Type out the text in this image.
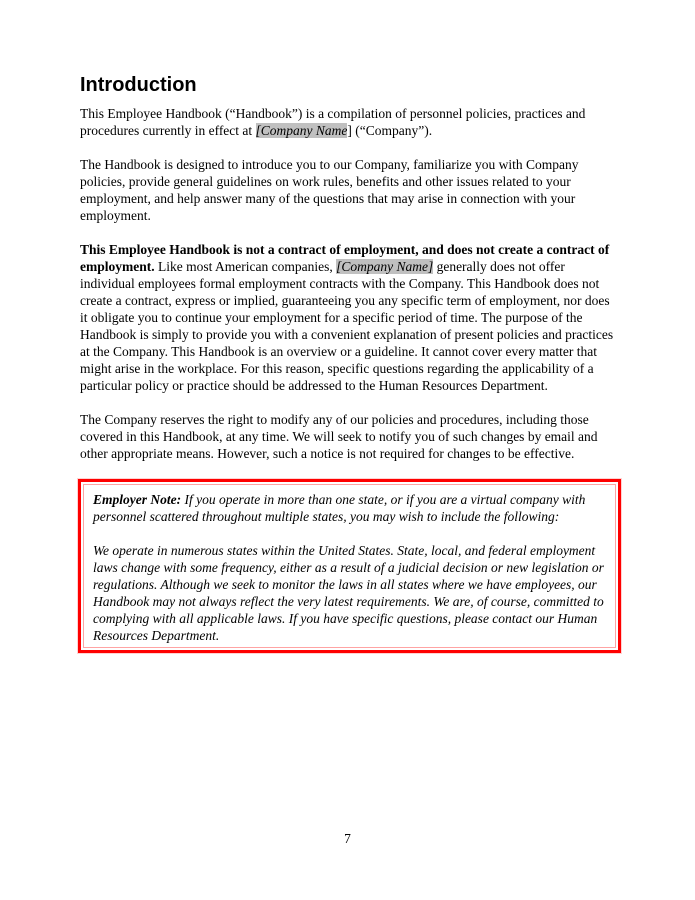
Introduction

This Employee Handbook (“Handbook”) is a compilation of personnel policies, practices and procedures currently in effect at [Company Name] (“Company”).

The Handbook is designed to introduce you to our Company, familiarize you with Company policies, provide general guidelines on work rules, benefits and other issues related to your employment, and help answer many of the questions that may arise in connection with your employment.

This Employee Handbook is not a contract of employment, and does not create a contract of employment. Like most American companies, [Company Name] generally does not offer individual employees formal employment contracts with the Company. This Handbook does not create a contract, express or implied, guaranteeing you any specific term of employment, nor does it obligate you to continue your employment for a specific period of time. The purpose of the Handbook is simply to provide you with a convenient explanation of present policies and practices at the Company. This Handbook is an overview or a guideline. It cannot cover every matter that might arise in the workplace. For this reason, specific questions regarding the applicability of a particular policy or practice should be addressed to the Human Resources Department.

The Company reserves the right to modify any of our policies and procedures, including those covered in this Handbook, at any time. We will seek to notify you of such changes by email and other appropriate means. However, such a notice is not required for changes to be effective.

Employer Note: If you operate in more than one state, or if you are a virtual company with personnel scattered throughout multiple states, you may wish to include the following:

We operate in numerous states within the United States. State, local, and federal employment laws change with some frequency, either as a result of a judicial decision or new legislation or regulations. Although we seek to monitor the laws in all states where we have employees, our Handbook may not always reflect the very latest requirements. We are, of course, committed to complying with all applicable laws. If you have specific questions, please contact our Human Resources Department.

7
